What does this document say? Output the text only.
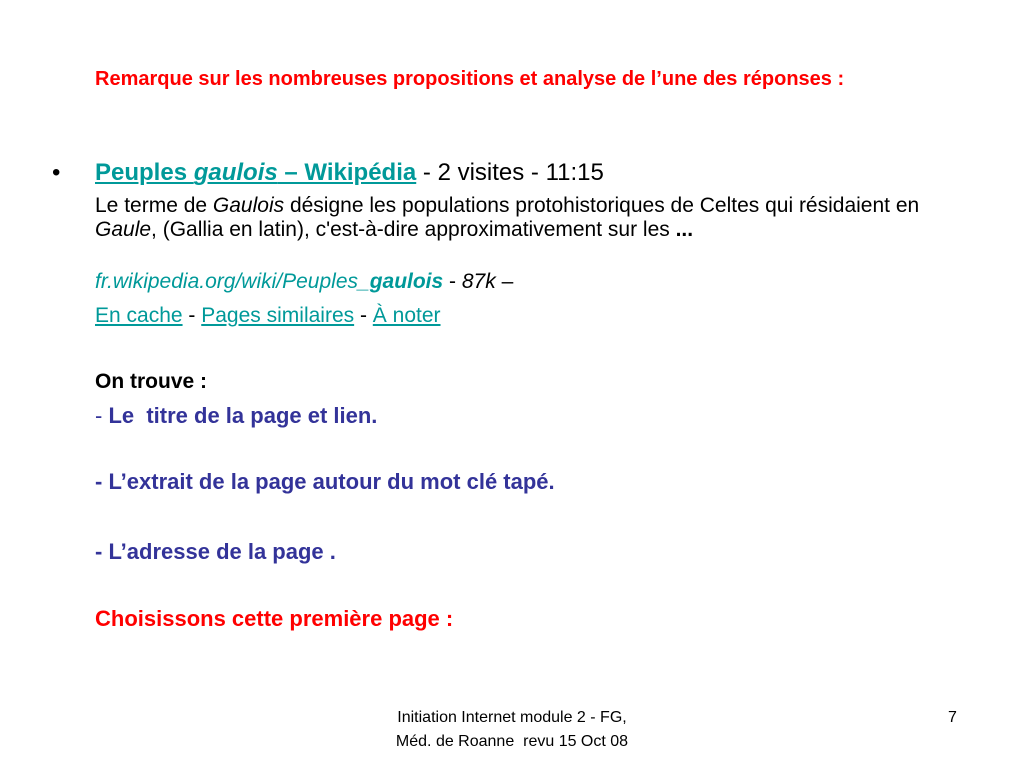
Remarque sur les nombreuses propositions et analyse de l’une des réponses :
• Peuples gaulois – Wikipédia - 2 visites - 11:15
Le terme de Gaulois désigne les populations protohistoriques de Celtes qui résidaient en Gaule, (Gallia en latin), c'est-à-dire approximativement sur les ...
fr.wikipedia.org/wiki/Peuples_gaulois - 87k –
En cache - Pages similaires - À noter
On trouve :
- Le  titre de la page et lien.
- L’extrait de la page autour du mot clé tapé.
- L’adresse de la page .
Choisissons cette première page :
Initiation Internet module 2 - FG,
Méd. de Roanne  revu 15 Oct 08
7
